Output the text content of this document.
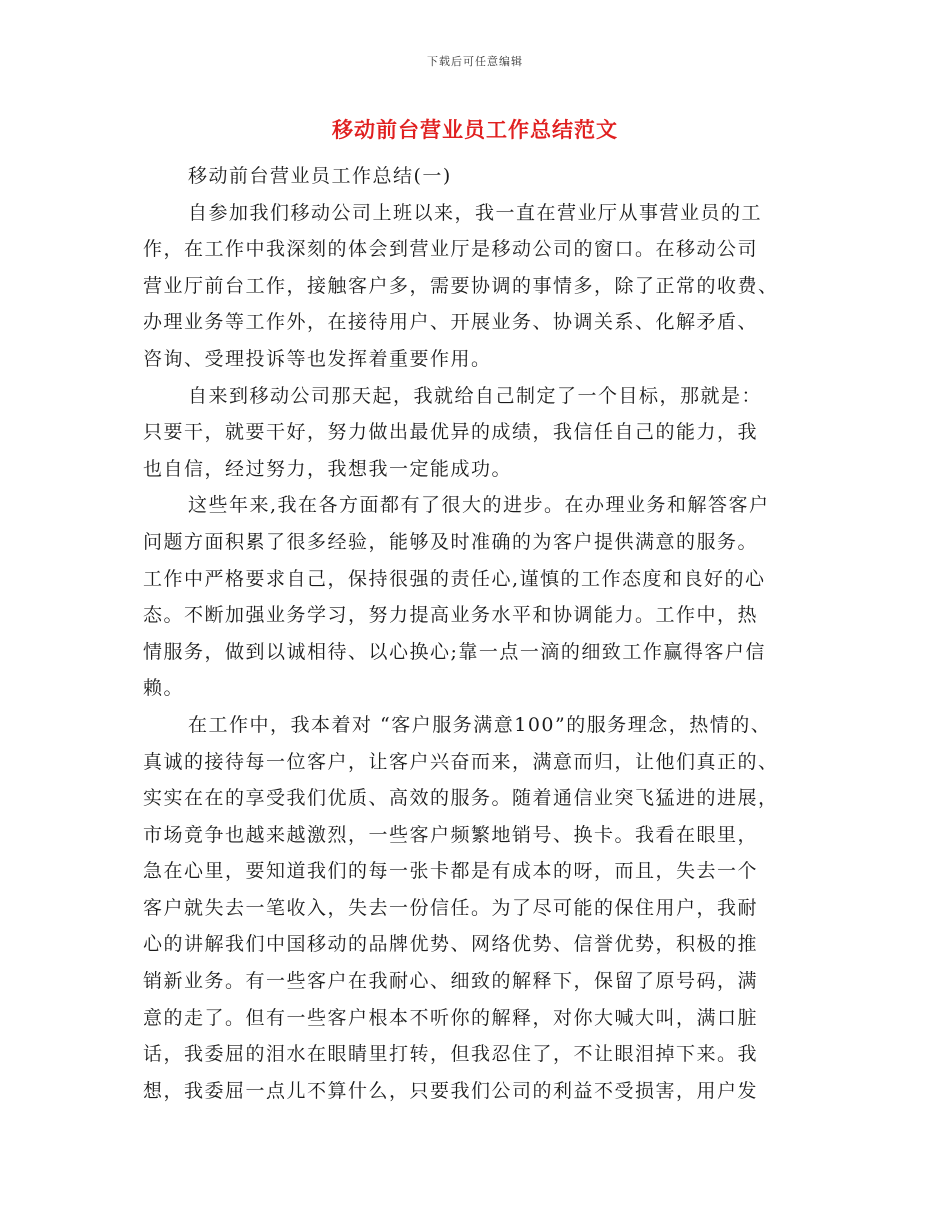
下载后可任意编辑
移动前台营业员工作总结范文
移动前台营业员工作总结(一)
自参加我们移动公司上班以来，我一直在营业厅从事营业员的工
作，在工作中我深刻的体会到营业厅是移动公司的窗口。在移动公司
营业厅前台工作，接触客户多，需要协调的事情多，除了正常的收费、
办理业务等工作外，在接待用户、开展业务、协调关系、化解矛盾、
咨询、受理投诉等也发挥着重要作用。
自来到移动公司那天起，我就给自己制定了一个目标，那就是：
只要干，就要干好，努力做出最优异的成绩，我信任自己的能力，我
也自信，经过努力，我想我一定能成功。
这些年来,我在各方面都有了很大的进步。在办理业务和解答客户
问题方面积累了很多经验，能够及时准确的为客户提供满意的服务。
工作中严格要求自己，保持很强的责任心,谨慎的工作态度和良好的心
态。不断加强业务学习，努力提高业务水平和协调能力。工作中，热
情服务，做到以诚相待、以心换心;靠一点一滴的细致工作赢得客户信
赖。
在工作中，我本着对 “客户服务满意100”的服务理念，热情的、
真诚的接待每一位客户，让客户兴奋而来，满意而归，让他们真正的、
实实在在的享受我们优质、高效的服务。随着通信业突飞猛进的进展，
市场竟争也越来越激烈，一些客户频繁地销号、换卡。我看在眼里，
急在心里，要知道我们的每一张卡都是有成本的呀，而且，失去一个
客户就失去一笔收入，失去一份信任。为了尽可能的保住用户，我耐
心的讲解我们中国移动的品牌优势、网络优势、信誉优势，积极的推
销新业务。有一些客户在我耐心、细致的解释下，保留了原号码，满
意的走了。但有一些客户根本不听你的解释，对你大喊大叫，满口脏
话，我委屈的泪水在眼睛里打转，但我忍住了，不让眼泪掉下来。我
想，我委屈一点儿不算什么，只要我们公司的利益不受损害，用户发
